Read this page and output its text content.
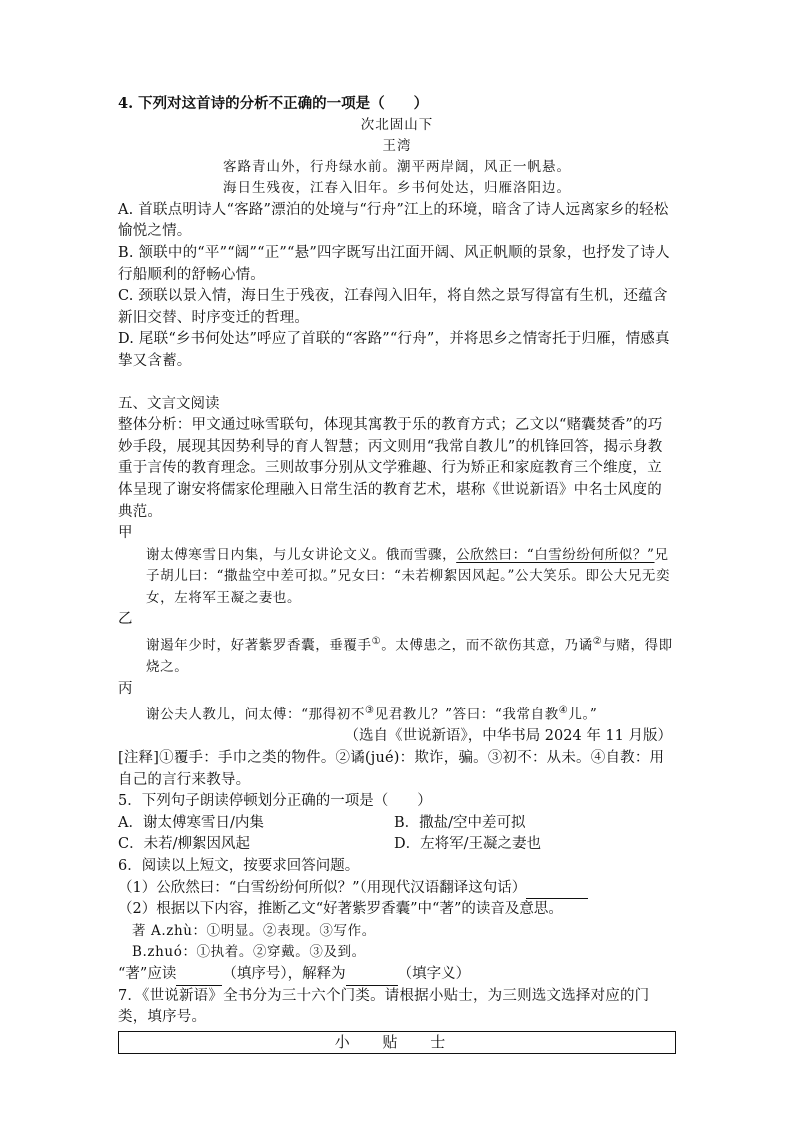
4. 下列对这首诗的分析不正确的一项是（　　）
次北固山下
王湾
客路青山外，行舟绿水前。潮平两岸阔，风正一帆悬。
海日生残夜，江春入旧年。乡书何处达，归雁洛阳边。
A. 首联点明诗人“客路”漂泊的处境与“行舟”江上的环境，暗含了诗人远离家乡的轻松愉悦之情。
B. 颔联中的“平”“阔”“正”“悬”四字既写出江面开阔、风正帆顺的景象，也抒发了诗人行船顺利的舒畅心情。
C. 颈联以景入情，海日生于残夜，江春闯入旧年，将自然之景写得富有生机，还蕴含新旧交替、时序变迁的哲理。
D. 尾联“乡书何处达”呼应了首联的“客路”“行舟”，并将思乡之情寄托于归雁，情感真挚又含蓄。
五、文言文阅读
整体分析：甲文通过咏雪联句，体现其寓教于乐的教育方式；乙文以“赌囊焚香”的巧妙手段，展现其因势利导的育人智慧；丙文则用“我常自教儿”的机锋回答，揭示身教重于言传的教育理念。三则故事分别从文学雅趣、行为矫正和家庭教育三个维度，立体呈现了谢安将儒家伦理融入日常生活的教育艺术，堪称《世说新语》中名士风度的典范。
甲
谢太傅寒雪日内集，与儿女讲论文义。俄而雪骤，公欣然曰：“白雪纷纷何所似？”兄子胡儿曰：“撒盐空中差可拟。”兄女曰：“未若柳絮因风起。”公大笑乐。即公大兄无奕女，左将军王凝之妻也。
乙
谢遏年少时，好著紫罗香囊，垂覆手①。太傅患之，而不欲伤其意，乃谲②与赌，得即烧之。
丙
谢公夫人教儿，问太傅：“那得初不③见君教儿？”答曰：“我常自教④儿。”
（选自《世说新语》，中华书局 2024 年 11 月版）
[注释]①覆手：手巾之类的物件。②谲(jué)：欺诈，骗。③初不：从未。④自教：用自己的言行来教导。
5．下列句子朗读停顿划分正确的一项是（　　）
A．谢太傅寒雪日/内集	B．撒盐/空中差可拟
C．未若/柳絮因风起	D．左将军/王凝之妻也
6．阅读以上短文，按要求回答问题。
（1）公欣然曰：“白雪纷纷何所似？”（用现代汉语翻译这句话）
（2）根据以下内容，推断乙文“好著紫罗香囊”中“著”的读音及意思。
著 A.zhù：①明显。②表现。③写作。
B.zhuó：①执着。②穿戴。③及到。
“著”应读	（填序号），解释为	（填字义）
7．《世说新语》全书分为三十六个门类。请根据小贴士，为三则选文选择对应的门类，填序号。
小 贴 士
